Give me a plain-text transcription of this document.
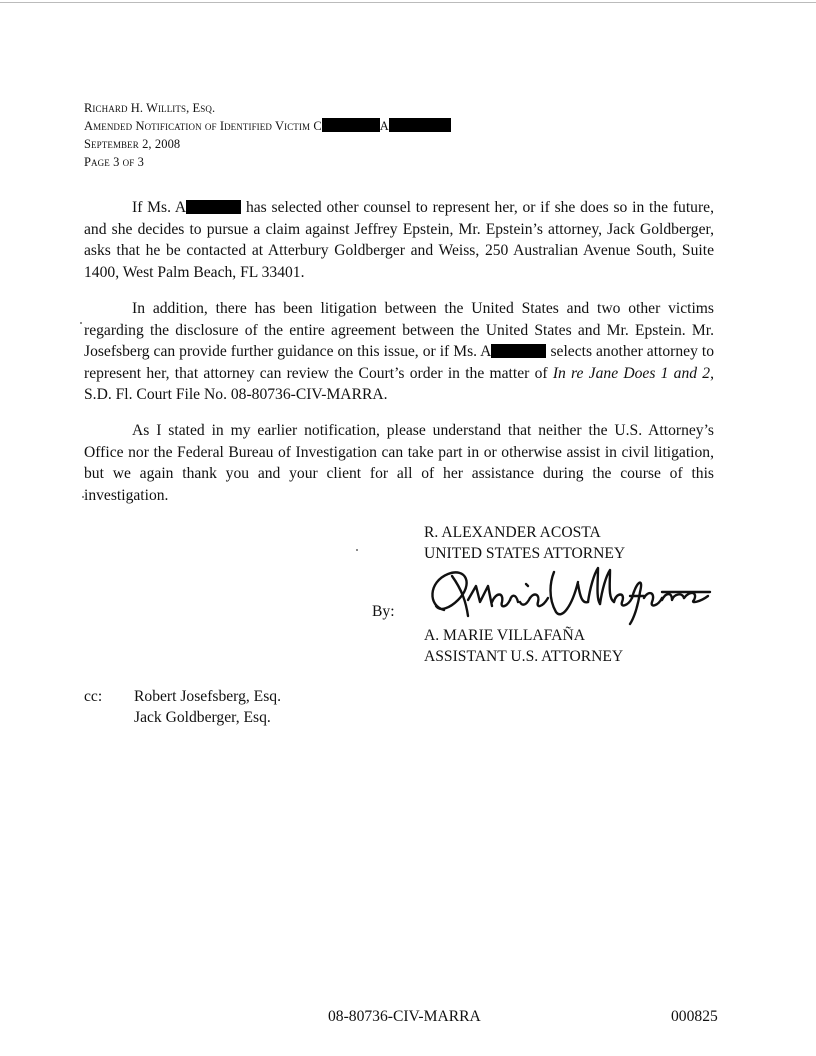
Richard H. Willits, Esq.
Amended Notification of Identified Victim C	A
September 2, 2008
Page 3 of 3
If Ms. A	has selected other counsel to represent her, or if she does so in the future, and she decides to pursue a claim against Jeffrey Epstein, Mr. Epstein’s attorney, Jack Goldberger, asks that he be contacted at Atterbury Goldberger and Weiss, 250 Australian Avenue South, Suite 1400, West Palm Beach, FL 33401.
In addition, there has been litigation between the United States and two other victims regarding the disclosure of the entire agreement between the United States and Mr. Epstein. Mr. Josefsberg can provide further guidance on this issue, or if Ms. A	selects another attorney to represent her, that attorney can review the Court’s order in the matter of In re Jane Does 1 and 2, S.D. Fl. Court File No. 08-80736-CIV-MARRA.
As I stated in my earlier notification, please understand that neither the U.S. Attorney’s Office nor the Federal Bureau of Investigation can take part in or otherwise assist in civil litigation, but we again thank you and your client for all of her assistance during the course of this investigation.
R. ALEXANDER ACOSTA
UNITED STATES ATTORNEY
By:
A. MARIE VILLAFAÑA
ASSISTANT U.S. ATTORNEY
cc: Robert Josefsberg, Esq.
Jack Goldberger, Esq.
08-80736-CIV-MARRA	000825
